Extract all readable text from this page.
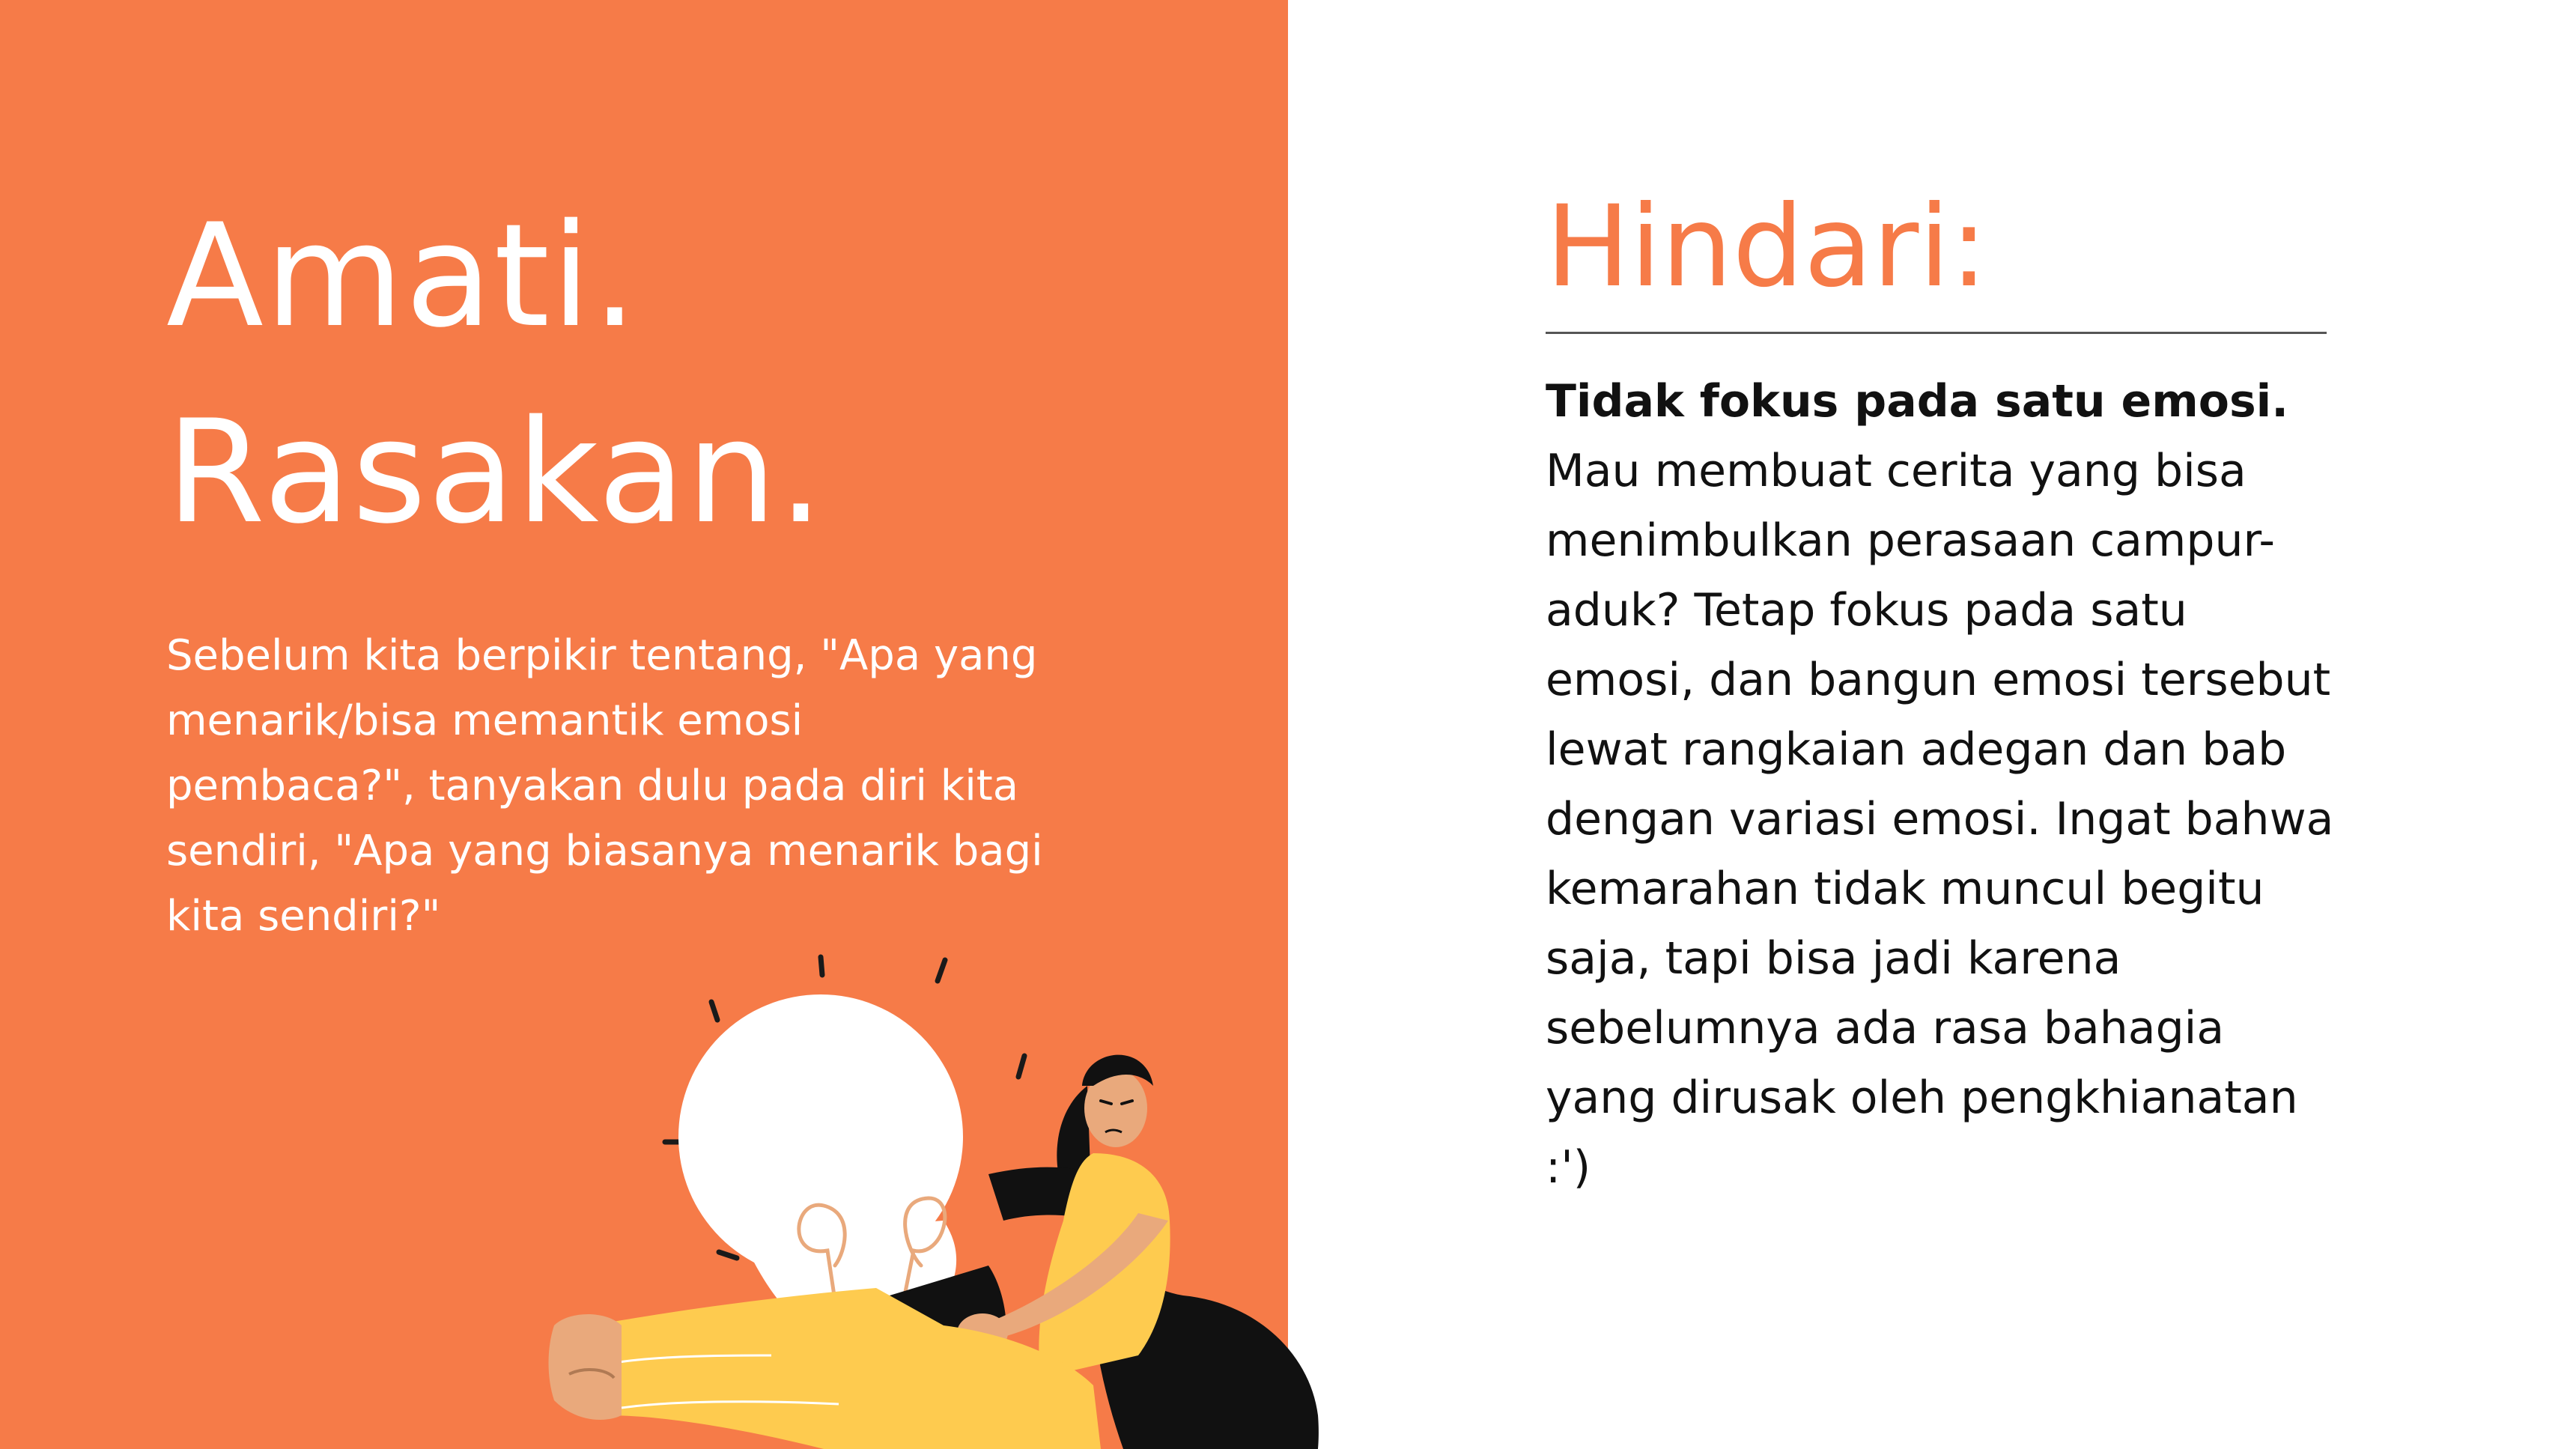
Amati.
Rasakan.
Sebelum kita berpikir tentang, "Apa yang menarik/bisa memantik emosi pembaca?", tanyakan dulu pada diri kita sendiri, "Apa yang biasanya menarik bagi kita sendiri?"
Hindari:
Tidak fokus pada satu emosi.
Mau membuat cerita yang bisa menimbulkan perasaan campur-aduk? Tetap fokus pada satu emosi, dan bangun emosi tersebut lewat rangkaian adegan dan bab dengan variasi emosi. Ingat bahwa kemarahan tidak muncul begitu saja, tapi bisa jadi karena sebelumnya ada rasa bahagia yang dirusak oleh pengkhianatan :')
